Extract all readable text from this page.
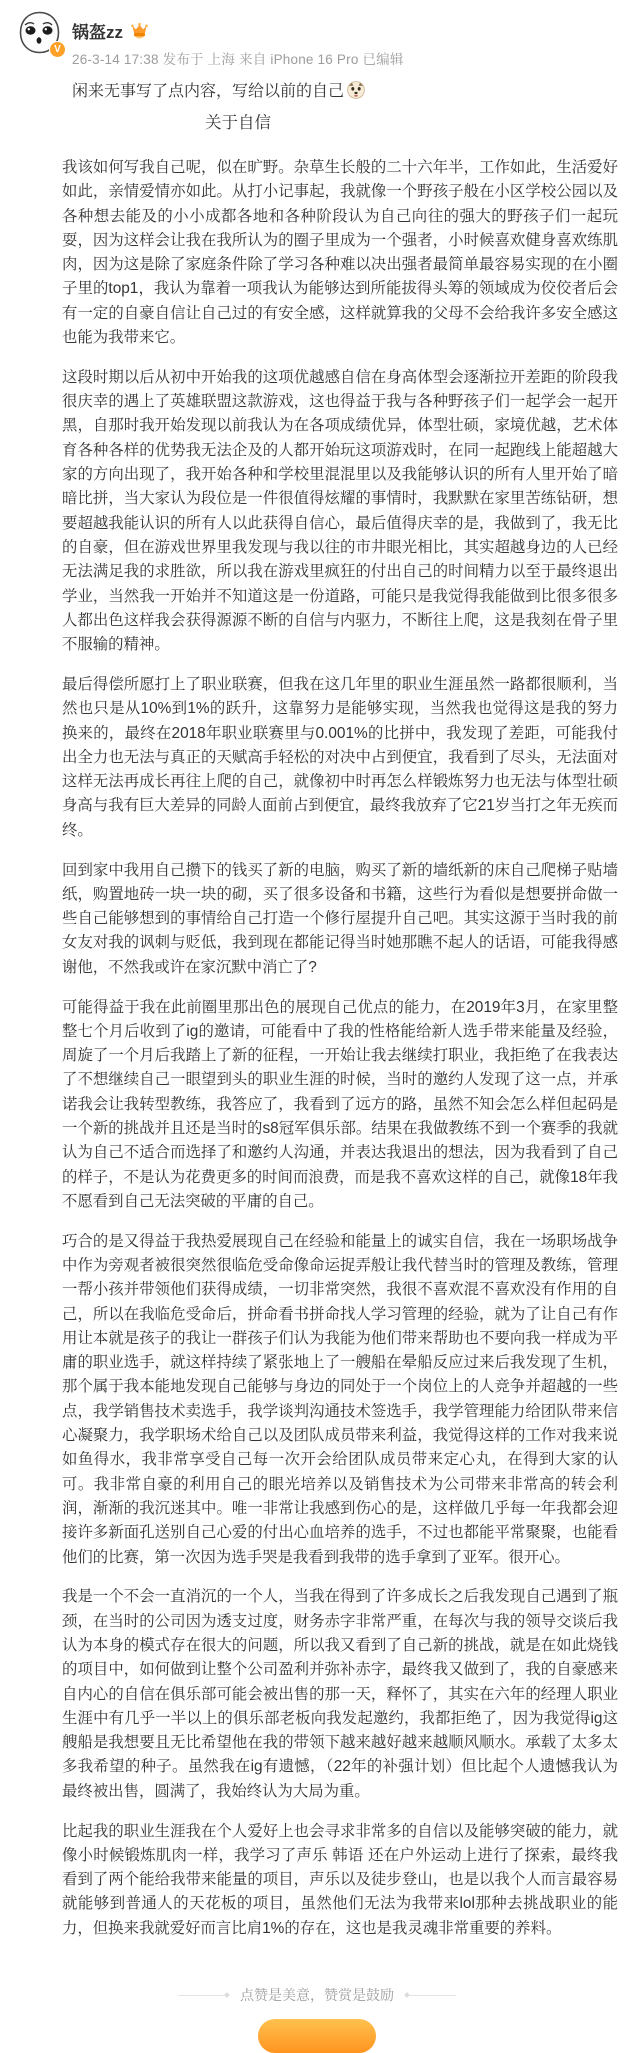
V
锅盔zz
26-3-14 17:38 发布于 上海 来自 iPhone 16 Pro 已编辑
闲来无事写了点内容，写给以前的自己
关于自信

我该如何写我自己呢，似在旷野。杂草生长般的二十六年半，工作如此，生活爱好如此，亲情爱情亦如此。从打小记事起，我就像一个野孩子般在小区学校公园以及各种想去能及的小小成都各地和各种阶段认为自己向往的强大的野孩子们一起玩耍，因为这样会让我在我所认为的圈子里成为一个强者，小时候喜欢健身喜欢练肌肉，因为这是除了家庭条件除了学习各种难以决出强者最简单最容易实现的在小圈子里的top1，我认为靠着一项我认为能够达到所能拔得头筹的领域成为佼佼者后会有一定的自豪自信让自己过的有安全感，这样就算我的父母不会给我许多安全感这也能为我带来它。

这段时期以后从初中开始我的这项优越感自信在身高体型会逐渐拉开差距的阶段我很庆幸的遇上了英雄联盟这款游戏，这也得益于我与各种野孩子们一起学会一起开黑，自那时我开始发现以前我认为在各项成绩优异，体型壮硕，家境优越，艺术体育各种各样的优势我无法企及的人都开始玩这项游戏时，在同一起跑线上能超越大家的方向出现了，我开始各种和学校里混混里以及我能够认识的所有人里开始了暗暗比拼，当大家认为段位是一件很值得炫耀的事情时，我默默在家里苦练钻研，想要超越我能认识的所有人以此获得自信心，最后值得庆幸的是，我做到了，我无比的自豪，但在游戏世界里我发现与我以往的市井眼光相比，其实超越身边的人已经无法满足我的求胜欲，所以我在游戏里疯狂的付出自己的时间精力以至于最终退出学业，当然我一开始并不知道这是一份道路，可能只是我觉得我能做到比很多很多人都出色这样我会获得源源不断的自信与内驱力，不断往上爬，这是我刻在骨子里不服输的精神。

最后得偿所愿打上了职业联赛，但我在这几年里的职业生涯虽然一路都很顺利，当然也只是从10%到1%的跃升，这靠努力是能够实现，当然我也觉得这是我的努力换来的，最终在2018年职业联赛里与0.001%的比拼中，我发现了差距，可能我付出全力也无法与真正的天赋高手轻松的对决中占到便宜，我看到了尽头，无法面对这样无法再成长再往上爬的自己，就像初中时再怎么样锻炼努力也无法与体型壮硕身高与我有巨大差异的同龄人面前占到便宜，最终我放弃了它21岁当打之年无疾而终。

回到家中我用自己攒下的钱买了新的电脑，购买了新的墙纸新的床自己爬梯子贴墙纸，购置地砖一块一块的砌，买了很多设备和书籍，这些行为看似是想要拼命做一些自己能够想到的事情给自己打造一个修行屋提升自己吧。其实这源于当时我的前女友对我的讽刺与贬低，我到现在都能记得当时她那瞧不起人的话语，可能我得感谢他，不然我或许在家沉默中消亡了?

可能得益于我在此前圈里那出色的展现自己优点的能力，在2019年3月，在家里整整七个月后收到了ig的邀请，可能看中了我的性格能给新人选手带来能量及经验，周旋了一个月后我踏上了新的征程，一开始让我去继续打职业，我拒绝了在我表达了不想继续自己一眼望到头的职业生涯的时候，当时的邀约人发现了这一点，并承诺我会让我转型教练，我答应了，我看到了远方的路，虽然不知会怎么样但起码是一个新的挑战并且还是当时的s8冠军俱乐部。结果在我做教练不到一个赛季的我就认为自己不适合而选择了和邀约人沟通，并表达我退出的想法，因为我看到了自己的样子，不是认为花费更多的时间而浪费，而是我不喜欢这样的自己，就像18年我不愿看到自己无法突破的平庸的自己。

巧合的是又得益于我热爱展现自己在经验和能量上的诚实自信，我在一场职场战争中作为旁观者被很突然很临危受命像命运捉弄般让我代替当时的管理及教练，管理一帮小孩并带领他们获得成绩，一切非常突然，我很不喜欢混不喜欢没有作用的自己，所以在我临危受命后，拼命看书拼命找人学习管理的经验，就为了让自己有作用让本就是孩子的我让一群孩子们认为我能为他们带来帮助也不要向我一样成为平庸的职业选手，就这样持续了紧张地上了一艘船在晕船反应过来后我发现了生机，那个属于我本能地发现自己能够与身边的同处于一个岗位上的人竞争并超越的一些点，我学销售技术卖选手，我学谈判沟通技术签选手，我学管理能力给团队带来信心凝聚力，我学职场术给自己以及团队成员带来利益，我觉得这样的工作对我来说如鱼得水，我非常享受自己每一次开会给团队成员带来定心丸，在得到大家的认可。我非常自豪的利用自己的眼光培养以及销售技术为公司带来非常高的转会利润，渐渐的我沉迷其中。唯一非常让我感到伤心的是，这样做几乎每一年我都会迎接许多新面孔送别自己心爱的付出心血培养的选手，不过也都能平常聚聚，也能看他们的比赛，第一次因为选手哭是我看到我带的选手拿到了亚军。很开心。

我是一个不会一直消沉的一个人，当我在得到了许多成长之后我发现自己遇到了瓶颈，在当时的公司因为透支过度，财务赤字非常严重，在每次与我的领导交谈后我认为本身的模式存在很大的问题，所以我又看到了自己新的挑战，就是在如此烧钱的项目中，如何做到让整个公司盈利并弥补赤字，最终我又做到了，我的自豪感来自内心的自信在俱乐部可能会被出售的那一天，释怀了，其实在六年的经理人职业生涯中有几乎一半以上的俱乐部老板向我发起邀约，我都拒绝了，因为我觉得ig这艘船是我想要且无比希望他在我的带领下越来越好越来越顺风顺水。承载了太多太多我希望的种子。虽然我在ig有遗憾，（22年的补强计划）但比起个人遗憾我认为最终被出售，圆满了，我始终认为大局为重。

比起我的职业生涯我在个人爱好上也会寻求非常多的自信以及能够突破的能力，就像小时候锻炼肌肉一样，我学习了声乐 韩语 还在户外运动上进行了探索，最终我看到了两个能给我带来能量的项目，声乐以及徒步登山，也是以我个人而言最容易就能够到普通人的天花板的项目，虽然他们无法为我带来lol那种去挑战职业的能力，但换来我就爱好而言比肩1%的存在，这也是我灵魂非常重要的养料。

点赞是美意，赞赏是鼓励
